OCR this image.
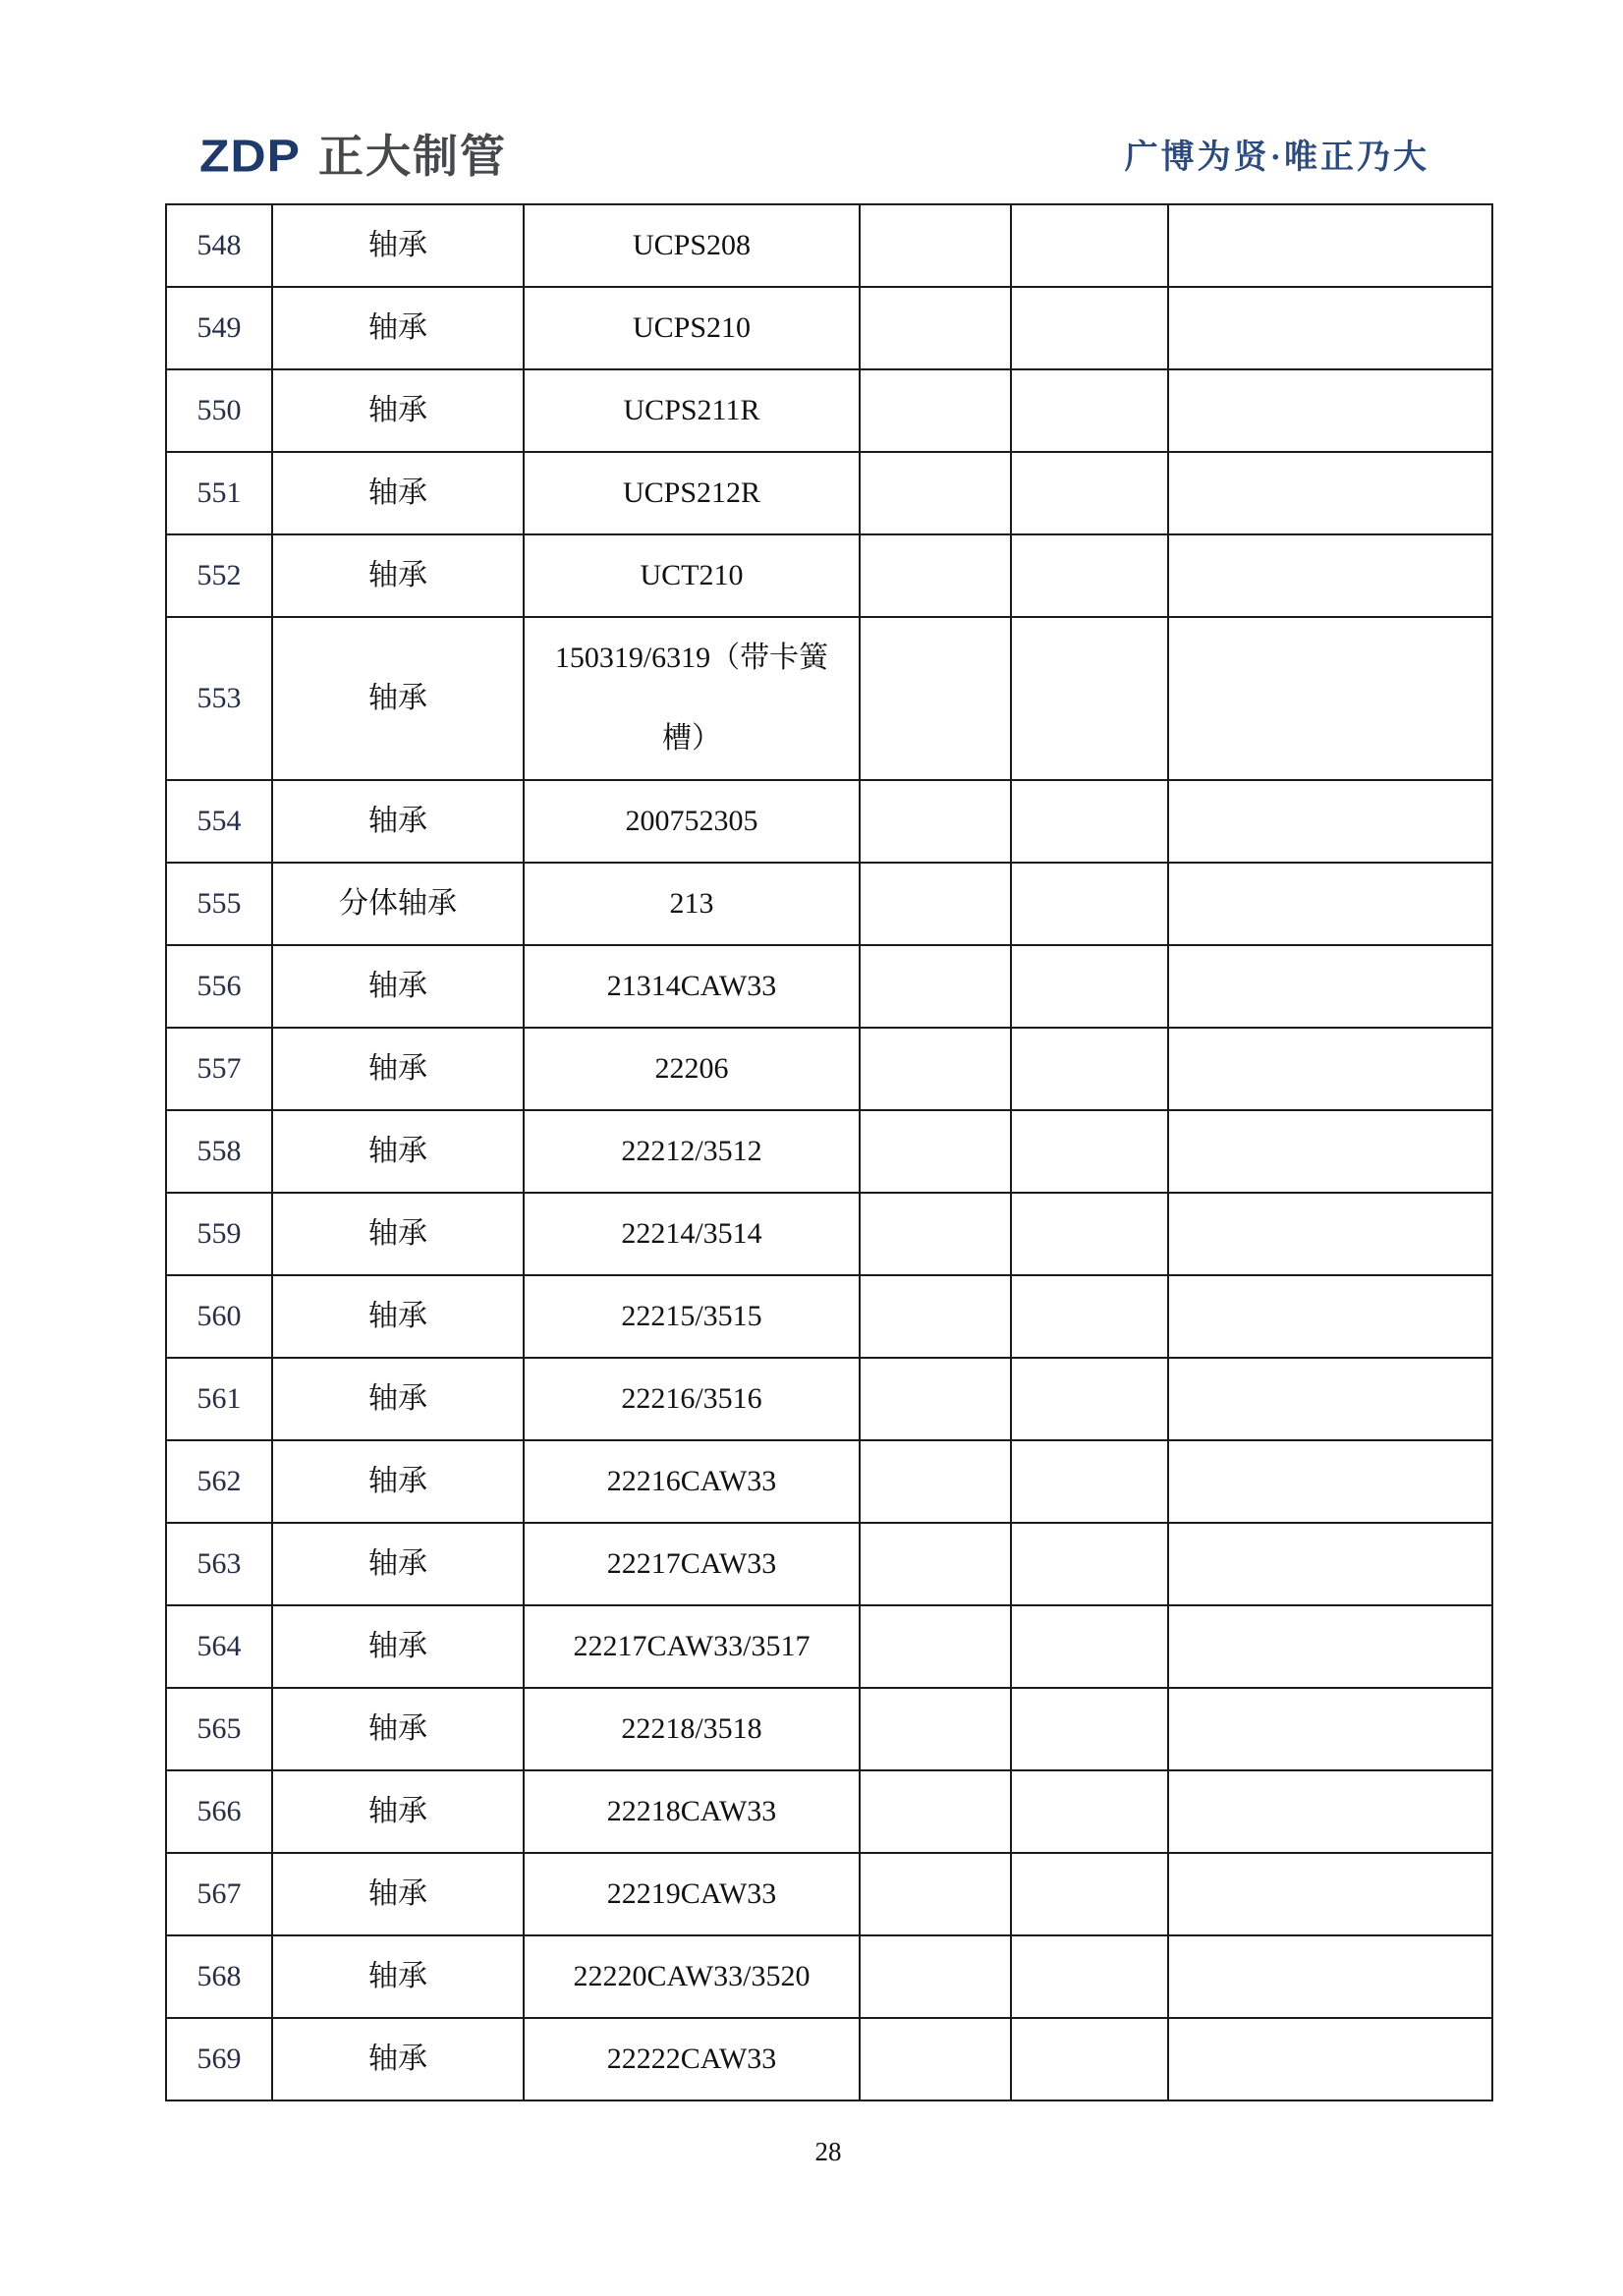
ZDP 正大制管	广博为贤·唯正乃大
548	轴承	UCPS208			
549	轴承	UCPS210			
550	轴承	UCPS211R			
551	轴承	UCPS212R			
552	轴承	UCT210			
553	轴承	150319/6319（带卡簧
槽）			

554	轴承	200752305			
555	分体轴承	213			
556	轴承	21314CAW33			
557	轴承	22206			
558	轴承	22212/3512			
559	轴承	22214/3514			
560	轴承	22215/3515			
561	轴承	22216/3516			
562	轴承	22216CAW33			
563	轴承	22217CAW33			
564	轴承	22217CAW33/3517			
565	轴承	22218/3518			
566	轴承	22218CAW33			
567	轴承	22219CAW33			
568	轴承	22220CAW33/3520			
569	轴承	22222CAW33			
28
